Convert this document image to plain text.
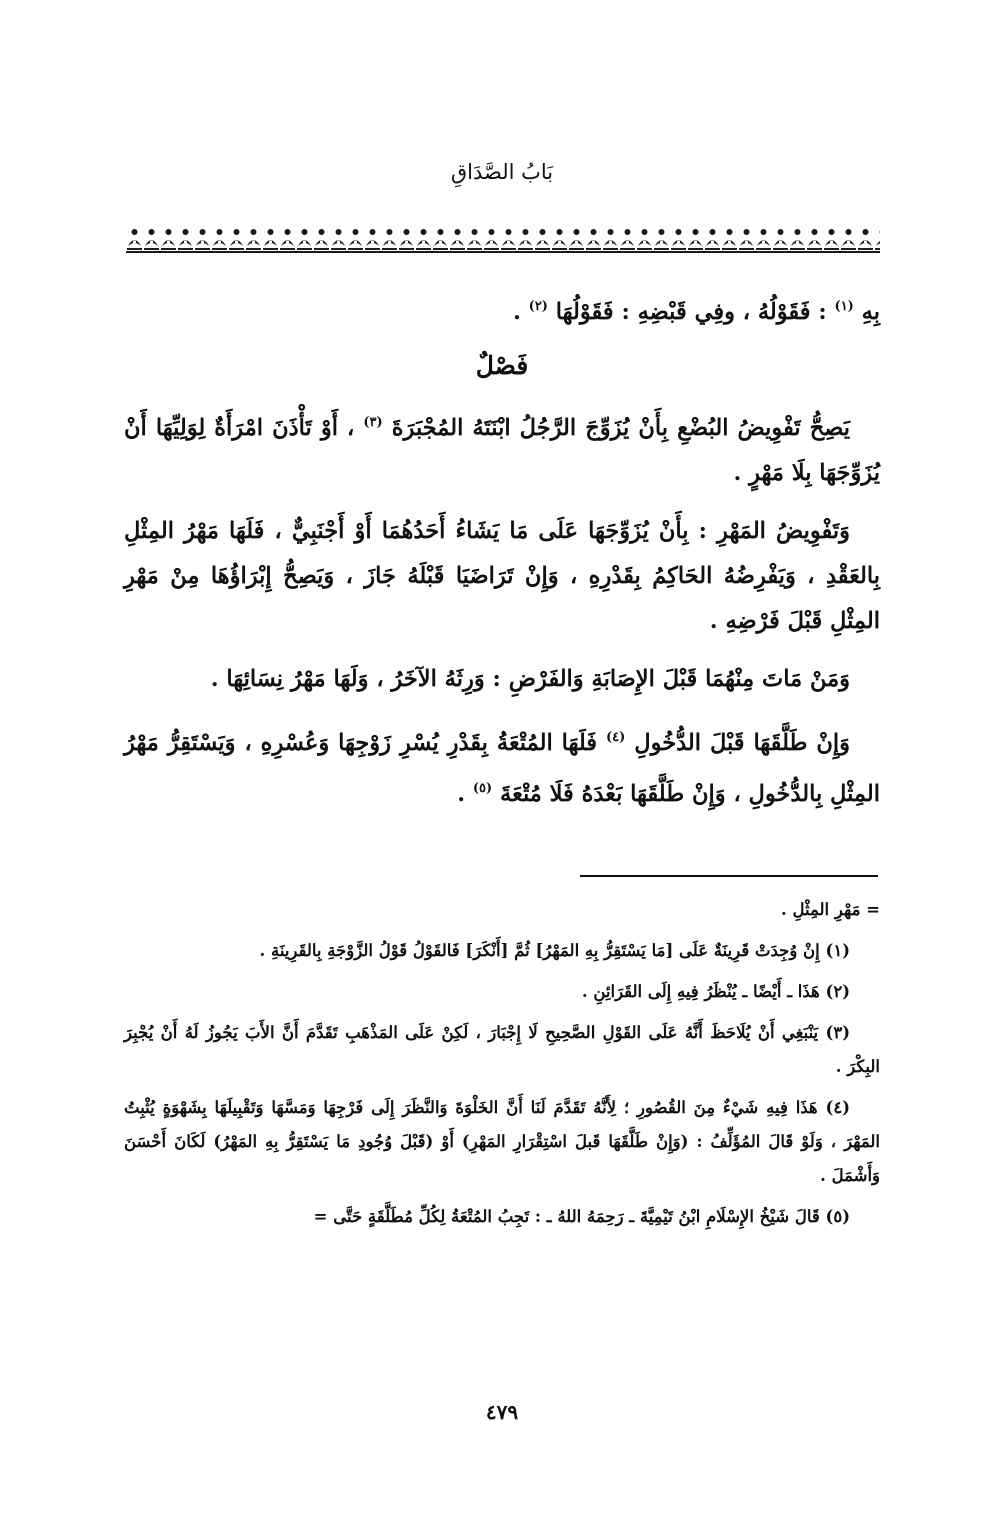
بَابُ الصَّدَاقِ

بِهِ $^{(١)}$ : فَقَوْلُهُ ، وفِي قَبْضِهِ : فَقَوْلُهَا $^{(٢)}$ .

فَصْلٌ

يَصِحُّ تَفْوِيضُ البُضْعِ بِأَنْ يُزَوِّجَ الرَّجُلُ ابْنَتَهُ المُجْبَرَةَ $^{(٣)}$ ، أَوْ تَأْذَنَ امْرَأَةٌ لِوَلِيِّهَا أَنْ يُزَوِّجَهَا بِلَا مَهْرٍ .

وَتَفْوِيضُ المَهْرِ : بِأَنْ يُزَوِّجَهَا عَلَى مَا يَشَاءُ أَحَدُهُمَا أَوْ أَجْنَبِيٌّ ، فَلَهَا مَهْرُ المِثْلِ بِالعَقْدِ ، وَيَفْرِضُهُ الحَاكِمُ بِقَدْرِهِ ، وَإِنْ تَرَاضَيَا قَبْلَهُ جَازَ ، وَيَصِحُّ إِبْرَاؤُهَا مِنْ مَهْرِ المِثْلِ قَبْلَ فَرْضِهِ .

وَمَنْ مَاتَ مِنْهُمَا قَبْلَ الإِصَابَةِ وَالفَرْضِ : وَرِثَهُ الآخَرُ ، وَلَهَا مَهْرُ نِسَائِهَا .

وَإِنْ طَلَّقَهَا قَبْلَ الدُّخُولِ $^{(٤)}$ فَلَهَا المُتْعَةُ بِقَدْرِ يُسْرِ زَوْجِهَا وَعُسْرِهِ ، وَيَسْتَقِرُّ مَهْرُ المِثْلِ بِالدُّخُولِ ، وَإِنْ طَلَّقَهَا بَعْدَهُ فَلَا مُتْعَةَ $^{(٥)}$ .

= مَهْرِ المِثْلِ .

(١) إِنْ وُجِدَتْ قَرِينَةٌ عَلَى [مَا يَسْتَقِرُّ بِهِ المَهْرُ] ثُمَّ [أَنْكَرَ] فَالقَوْلُ قَوْلُ الزَّوْجَةِ بِالقَرِينَةِ .

(٢) هَذَا ـ أَيْضًا ـ يُنْظَرُ فِيهِ إِلَى القَرَائِنِ .

(٣) يَنْبَغِي أَنْ يُلَاحَظَ أَنَّهُ عَلَى القَوْلِ الصَّحِيحِ لَا إِجْبَارَ ، لَكِنْ عَلَى المَذْهَبِ تَقَدَّمَ أَنَّ الأَبَ يَجُوزُ لَهُ أَنْ يُجْبِرَ البِكْرَ .

(٤) هَذَا فِيهِ شَيْءٌ مِنَ القُصُورِ ؛ لِأَنَّهُ تَقَدَّمَ لَنَا أَنَّ الخَلْوَةَ وَالنَّظَرَ إِلَى فَرْجِهَا وَمَسَّهَا وَتَقْبِيلَهَا بِشَهْوَةٍ يُثْبِتُ المَهْرَ ، وَلَوْ قَالَ المُؤَلِّفُ : (وَإِنْ طَلَّقَهَا قَبلَ اسْتِقْرَارِ المَهْرِ) أَوْ (قَبْلَ وُجُودِ مَا يَسْتَقِرُّ بِهِ المَهْرُ) لَكَانَ أَحْسَنَ وَأَشْمَلَ .

(٥) قَالَ شَيْخُ الإِسْلَامِ ابْنُ تَيْمِيَّةَ ـ رَحِمَهُ اللهُ ـ : تَجِبُ المُتْعَةُ لِكُلِّ مُطَلَّقَةٍ حَتَّى =

٤٧٩
